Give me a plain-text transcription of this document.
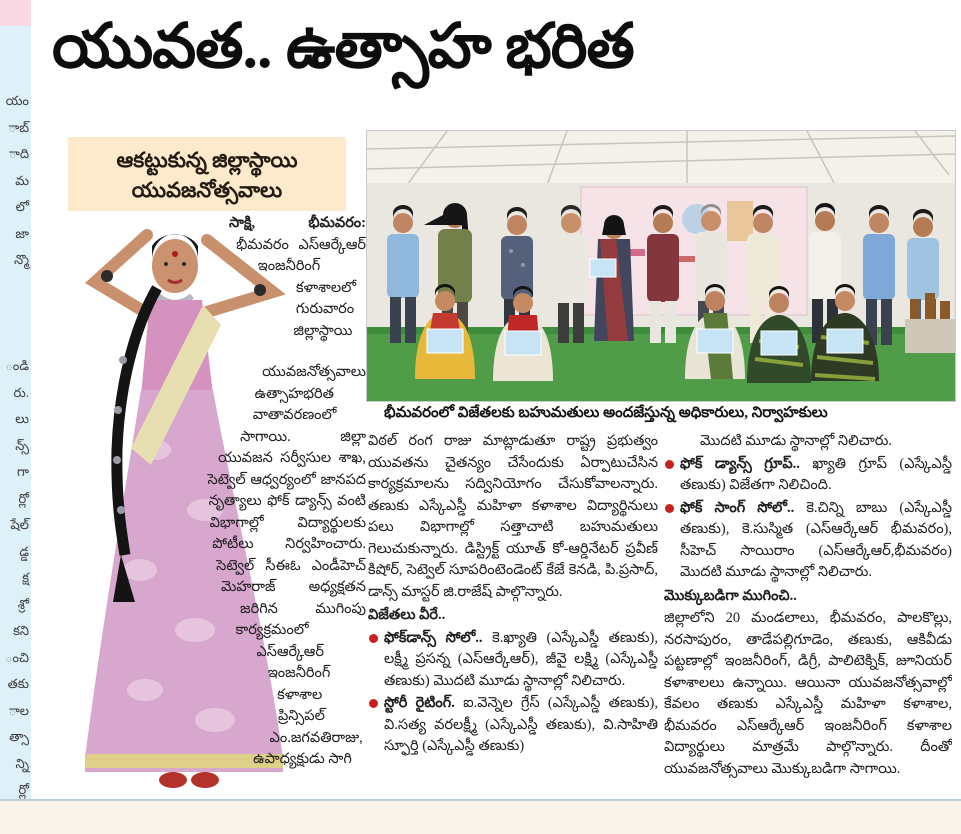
యం
ాబ్
ాది
మ
లో
జా
న్మొ
ండి
రు.
లు
న్స్
గా
ర్లో
షేల్
డ్డ
క్ష
శ్రో
కని
ంచి
తకు
ాల
త్సా
న్ని
ర్లో
యువత.. ఉత్సాహ భరిత
ఆకట్టుకున్న జిల్లాస్థాయి
యువజనోత్సవాలు
భీమవరంలో విజేతలకు బహుమతులు అందజేస్తున్న అధికారులు, నిర్వాహకులు
సాక్షి, భీమవరం: భీమవరం ఎస్ఆర్కేఆర్ ఇంజనీరింగ్ కళాశాలలో గురువారం జిల్లాస్థాయి యువజనోత్సవాలు ఉత్సాహభరిత వాతావరణంలో సాగాయి. జిల్లా యువజన సర్వీసుల శాఖ, సెట్వెల్ ఆధ్వర్యంలో జానపద నృత్యాలు ఫోక్ డ్యాన్స్ వంటి విభాగాల్లో విద్యార్థులకు పోటీలు నిర్వహించారు. సెట్వెల్ సీఈఓ ఎండీహెచ్ మెహరాజ్ అధ్యక్షతన జరిగిన ముగింపు కార్యక్రమంలో ఎస్ఆర్కేఆర్ ఇంజనీరింగ్ కళాశాల ప్రిన్సిపల్ ఎం.జగవతిరాజు, ఉపాధ్యక్షుడు సాగి
విఠల్ రంగ రాజు మాట్లాడుతూ రాష్ట్ర ప్రభుత్వం యువతను చైతన్యం చేసేందుకు ఏర్పాటుచేసిన కార్యక్రమాలను సద్వినియోగం చేసుకోవాలన్నారు. తణుకు ఎస్కేఎస్డీ మహిళా కళాశాల విద్యార్థినులు పలు విభాగాల్లో సత్తాచాటి బహుమతులు గెలుచుకున్నారు. డిస్ట్రిక్ట్ యూత్ కో-ఆర్డినేటర్ ప్రవీణ్ కిషోర్, సెట్వెల్ సూపరింటెండెంట్ కేజే కెనడి, పి.ప్రసాద్, డాన్స్ మాస్టర్ జి.రాజేష్ పాల్గొన్నారు.
విజేతలు వీరే..
ఫోక్‌డాన్స్ సోలో.. కె.ఖ్యాతి (ఎస్కేఎస్డీ తణుకు), లక్ష్మీ ప్రసన్న (ఎస్ఆర్కేఆర్), జీవై లక్ష్మి (ఎస్కేఎస్డీ తణుకు) మొదటి మూడు స్థానాల్లో నిలిచారు.
స్టోరీ రైటింగ్. ఐ.వెన్నెల గ్రేస్ (ఎస్కేఎస్డీ తణుకు), వి.సత్య వరలక్ష్మీ (ఎస్కేఎస్డీ తణుకు), వి.సాహితి స్ఫూర్తి (ఎస్కేఎస్డీ తణుకు)
మొదటి మూడు స్థానాల్లో నిలిచారు.
ఫోక్ డ్యాన్స్ గ్రూప్.. ఖ్యాతి గ్రూప్ (ఎస్కేఎస్డీ తణుకు) విజేతగా నిలిచింది.
ఫోక్ సాంగ్ సోలో.. కె.చిన్ని బాబు (ఎస్కేఎస్డీ తణుకు), కె.సుస్మిత (ఎస్ఆర్కేఆర్ భీమవరం), సీహెచ్ సాయిరాం (ఎస్ఆర్కేఆర్,భీమవరం) మొదటి మూడు స్థానాల్లో నిలిచారు.
మొక్కుబడిగా ముగించి..
జిల్లాలోని 20 మండలాలు, భీమవరం, పాలకొల్లు, నరసాపురం, తాడేపల్లిగూడెం, తణుకు, ఆకివీడు పట్టణాల్లో ఇంజనీరింగ్, డిగ్రీ, పాలిటెక్నిక్, జూనియర్ కళాశాలలు ఉన్నాయి. ఆయినా యువజనోత్సవాల్లో కేవలం తణుకు ఎస్కేఎస్డీ మహిళా కళాశాల, భీమవరం ఎస్ఆర్కేఆర్ ఇంజనీరింగ్ కళాశాల విద్యార్థులు మాత్రమే పాల్గొన్నారు. దీంతో యువజనోత్సవాలు మొక్కుబడిగా సాగాయి.
